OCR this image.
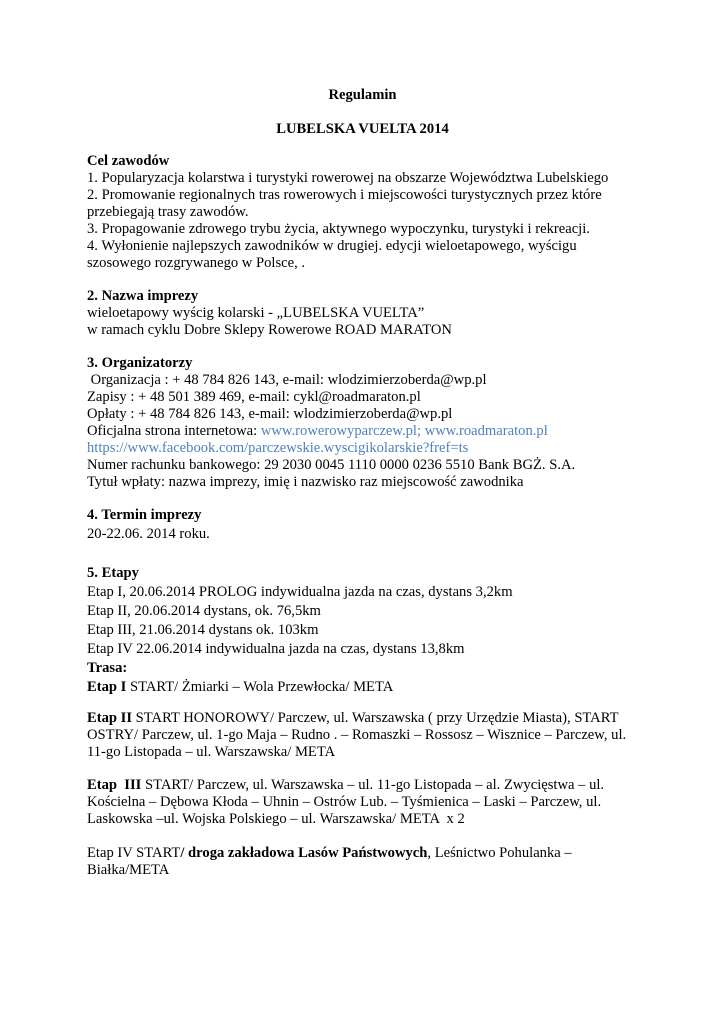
Regulamin
LUBELSKA VUELTA 2014
Cel zawodów
1. Popularyzacja kolarstwa i turystyki rowerowej na obszarze Województwa Lubelskiego
2. Promowanie regionalnych tras rowerowych i miejscowości turystycznych przez które
przebiegają trasy zawodów.
3. Propagowanie zdrowego trybu życia, aktywnego wypoczynku, turystyki i rekreacji.
4. Wyłonienie najlepszych zawodników w drugiej. edycji wieloetapowego, wyścigu
szosowego rozgrywanego w Polsce, .
2. Nazwa imprezy
wieloetapowy wyścig kolarski - „LUBELSKA VUELTA”
w ramach cyklu Dobre Sklepy Rowerowe ROAD MARATON
3. Organizatorzy
Organizacja : + 48 784 826 143, e-mail: wlodzimierzoberda@wp.pl
Zapisy : + 48 501 389 469, e-mail: cykl@roadmaraton.pl
Opłaty : + 48 784 826 143, e-mail: wlodzimierzoberda@wp.pl
Oficjalna strona internetowa: www.rowerowyparczew.pl; www.roadmaraton.pl
https://www.facebook.com/parczewskie.wyscigikolarskie?fref=ts
Numer rachunku bankowego: 29 2030 0045 1110 0000 0236 5510 Bank BGŻ. S.A.
Tytuł wpłaty: nazwa imprezy, imię i nazwisko raz miejscowość zawodnika
4. Termin imprezy
20-22.06. 2014 roku.
5. Etapy
Etap I, 20.06.2014 PROLOG indywidualna jazda na czas, dystans 3,2km
Etap II, 20.06.2014 dystans, ok. 76,5km
Etap III, 21.06.2014 dystans ok. 103km
Etap IV 22.06.2014 indywidualna jazda na czas, dystans 13,8km
Trasa:
Etap I START/ Żmiarki – Wola Przewłocka/ META
Etap II START HONOROWY/ Parczew, ul. Warszawska ( przy Urzędzie Miasta), START
OSTRY/ Parczew, ul. 1-go Maja – Rudno . – Romaszki – Rossosz – Wisznice – Parczew, ul.
11-go Listopada – ul. Warszawska/ META
Etap  III START/ Parczew, ul. Warszawska – ul. 11-go Listopada – al. Zwycięstwa – ul.
Kościelna – Dębowa Kłoda – Uhnin – Ostrów Lub. – Tyśmienica – Laski – Parczew, ul.
Laskowska –ul. Wojska Polskiego – ul. Warszawska/ META  x 2
Etap IV START/ droga zakładowa Lasów Państwowych, Leśnictwo Pohulanka –
Białka/META
